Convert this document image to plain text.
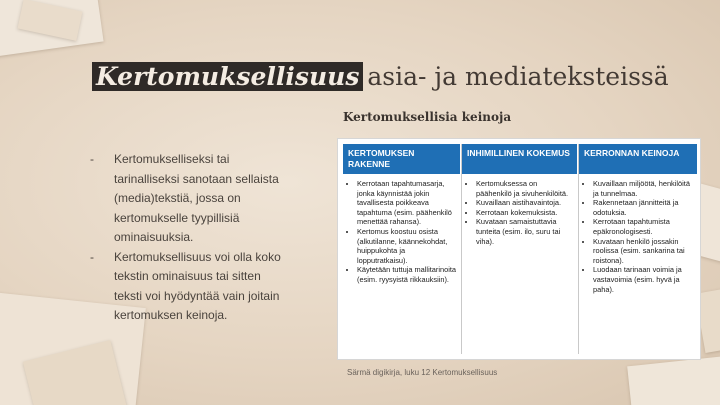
Kertomuksellisuus asia- ja mediateksteissä
Kertomuksellisia keinoja
- Kertomukselliseksi tai tarinalliseksi sanotaan sellaista (media)tekstiä, jossa on kertomukselle tyypillisiä ominaisuuksia.
- Kertomuksellisuus voi olla koko tekstin ominaisuus tai sitten teksti voi hyödyntää vain joitain kertomuksen keinoja.
KERTOMUKSEN RAKENNE
• Kerrotaan tapahtumasarja, jonka käynnistää jokin tavallisesta poikkeava tapahtuma (esim. päähenkilö menettää rahansa).
• Kertomus koostuu osista (alkutilanne, käännekohdat, huippukohta ja lopputratkaisu).
• Käytetään tuttuja mallitarinoita (esim. ryysyistä rikkauksiin).
INHIMILLINEN KOKEMUS
• Kertomuksessa on päähenkilö ja sivuhenkilöitä.
• Kuvaillaan aistihavaintoja.
• Kerrotaan kokemuksista.
• Kuvataan samaistuttavia tunteita (esim. ilo, suru tai viha).
KERRONNAN KEINOJA
• Kuvaillaan miljöötä, henkilöitä ja tunnelmaa.
• Rakennetaan jännitteitä ja odotuksia.
• Kerrotaan tapahtumista epäkronologisesti.
• Kuvataan henkilö jossakin roolissa (esim. sankarina tai roistona).
• Luodaan tarinaan voimia ja vastavoimia (esim. hyvä ja paha).
Särmä digikirja, luku 12 Kertomuksellisuus
